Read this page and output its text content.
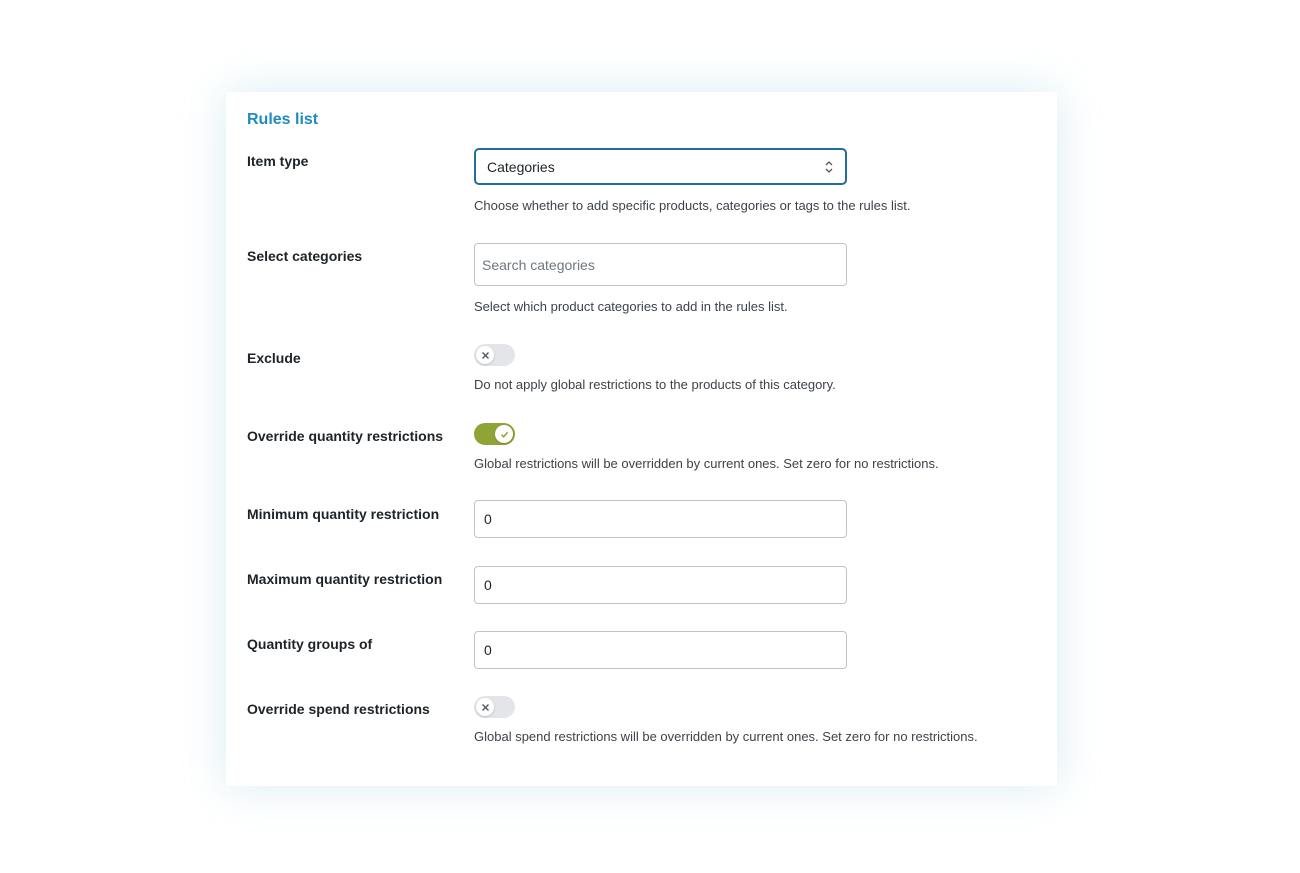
Rules list
Item type	Categories
Choose whether to add specific products, categories or tags to the rules list.
Select categories
Search categories
Select which product categories to add in the rules list.
Exclude
Do not apply global restrictions to the products of this category.
Override quantity restrictions
Global restrictions will be overridden by current ones. Set zero for no restrictions.
Minimum quantity restriction	0
Maximum quantity restriction	0
Quantity groups of	0
Override spend restrictions
Global spend restrictions will be overridden by current ones. Set zero for no restrictions.
